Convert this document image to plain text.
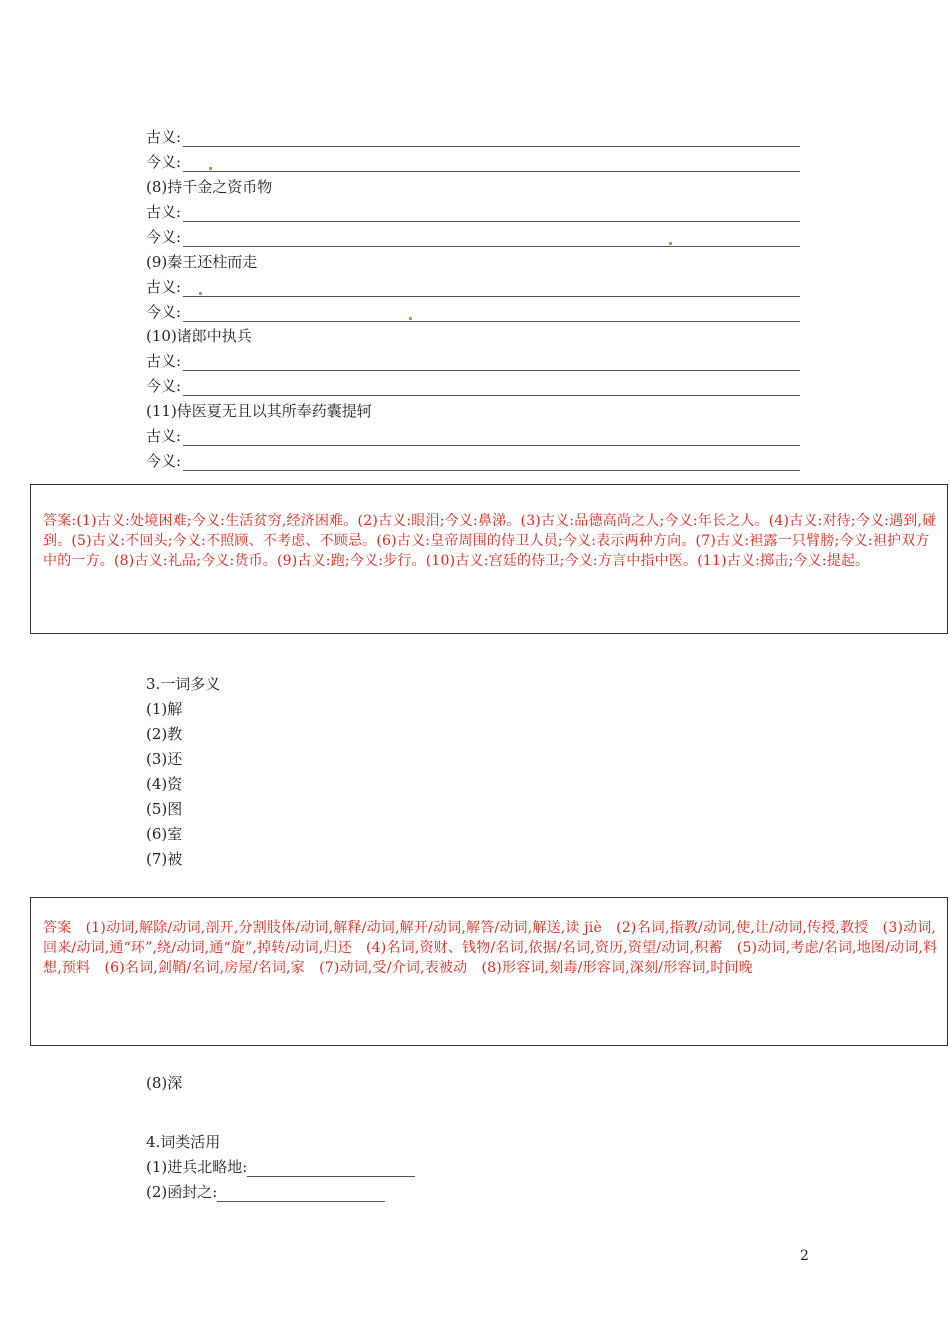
古义:
今义:
(8)持千金之资币物
古义:
今义:
(9)秦王还柱而走
古义:
今义:
(10)诸郎中执兵
古义:
今义:
(11)侍医夏无且以其所奉药囊提轲
古义:
今义:
答案:(1)古义:处境困难;今义:生活贫穷,经济困难。(2)古义:眼泪;今义:鼻涕。(3)古义:品德高尚之人;今义:年长之人。(4)古义:对待;今义:遇到,碰到。(5)古义:不回头;今义:不照顾、不考虑、不顾忌。(6)古义:皇帝周围的侍卫人员;今义:表示两种方向。(7)古义:袒露一只臂膀;今义:袒护双方中的一方。(8)古义:礼品;今义:货币。(9)古义:跑;今义:步行。(10)古义:宫廷的侍卫;今义:方言中指中医。(11)古义:掷击;今义:提起。
3.一词多义
(1)解
(2)教
(3)还
(4)资
(5)图
(6)室
(7)被
答案　(1)动词,解除/动词,剖开,分割肢体/动词,解释/动词,解开/动词,解答/动词,解送,读 jiè　(2)名词,指教/动词,使,让/动词,传授,教授　(3)动词,回来/动词,通“环”,绕/动词,通“旋”,掉转/动词,归还　(4)名词,资财、钱物/名词,依据/名词,资历,资望/动词,积蓄　(5)动词,考虑/名词,地图/动词,料想,预料　(6)名词,剑鞘/名词,房屋/名词,家　(7)动词,受/介词,表被动　(8)形容词,刻毒/形容词,深刻/形容词,时间晚
(8)深
4.词类活用
(1)进兵北略地:
(2)函封之:
2
